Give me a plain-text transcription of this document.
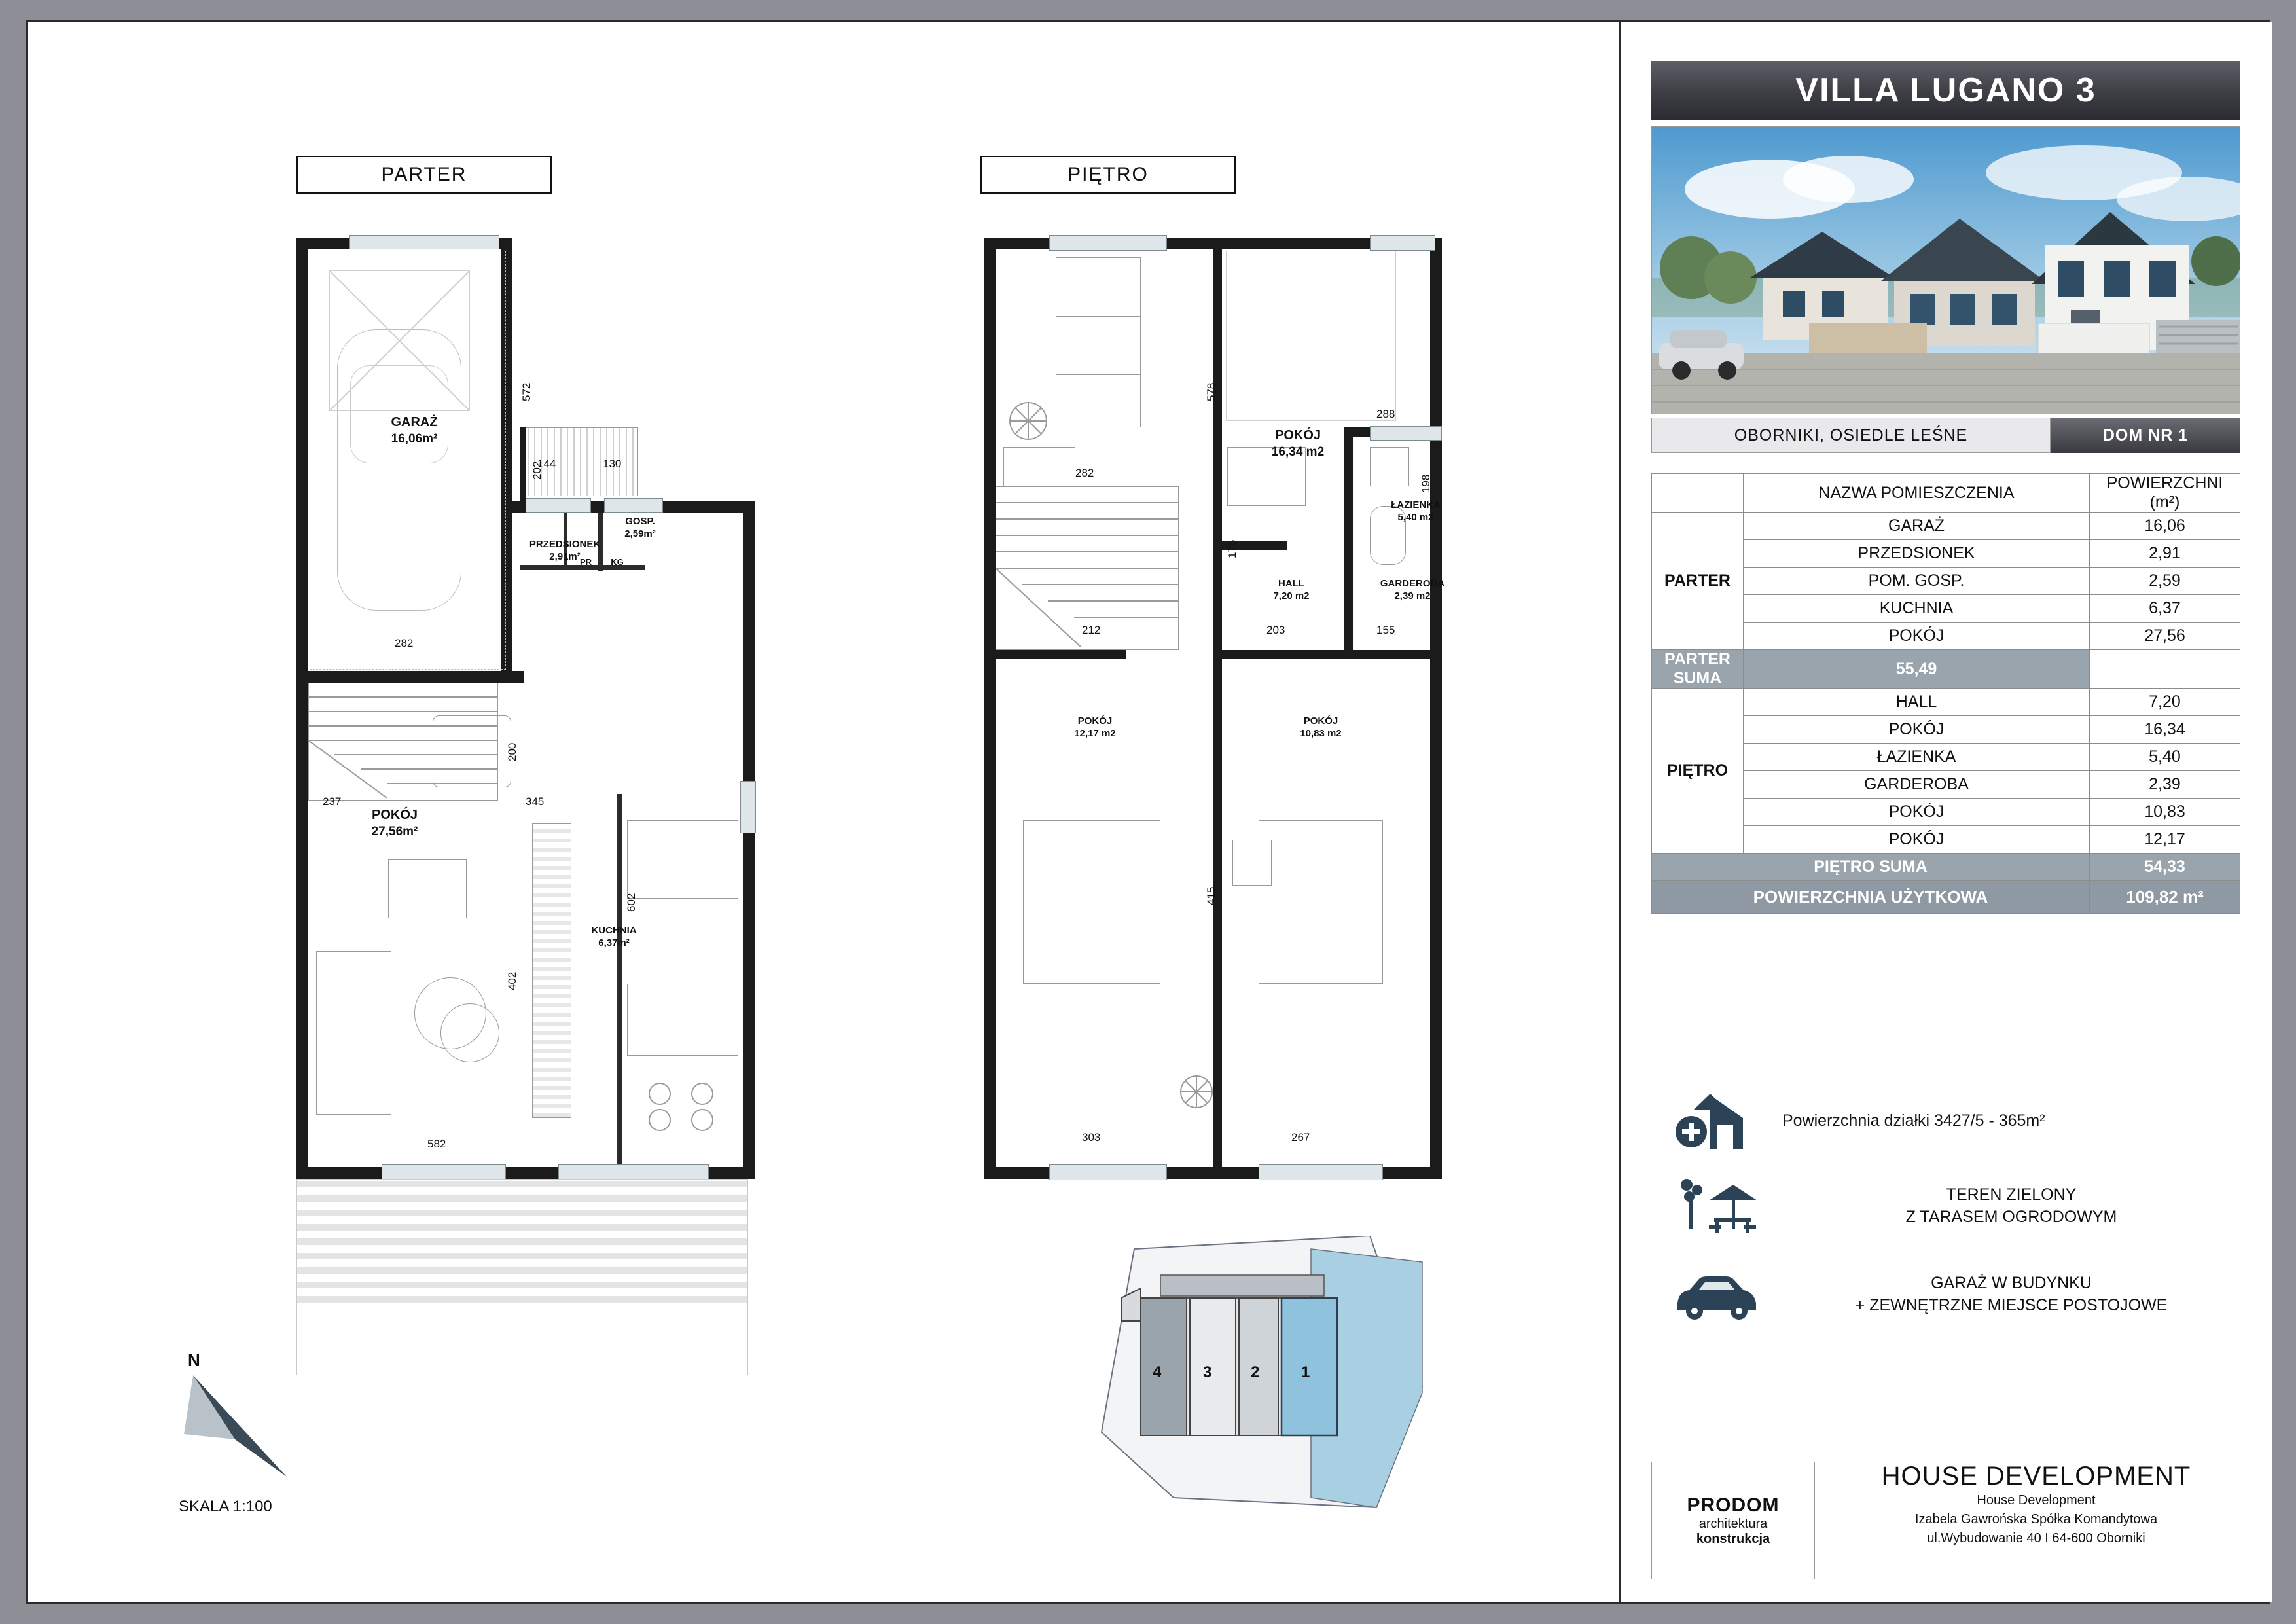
PARTER	PIĘTRO
GARAŻ
16,06m²
GOSP.
2,59m²
PRZEDSIONEK
2,91m² PR	KG
POKÓJ
27,56m²
KUCHNIA
6,37m²
572
282
144	130
202
237
200
345
402
602
582
POKÓJ
16,34 m2
ŁAZIENKA
5,40 m2
HALL
7,20 m2
GARDEROBA
2,39 m2
POKÓJ
12,17 m2
POKÓJ
10,83 m2
578
282
288
198
175
212	203	155
415
303	267
N
SKALA 1:100
4	3 2	1
VILLA LUGANO 3
OBORNIKI, OSIEDLE LEŚNE	DOM NR 1
	NAZWA POMIESZCZENIA	POWIERZCHNI (m²)
PARTER	GARAŻ	16,06
	PRZEDSIONEK	2,91
	POM. GOSP.	2,59
	KUCHNIA	6,37
	POKÓJ	27,56
PARTER SUMA	55,49	
PIĘTRO	HALL	7,20
	POKÓJ	16,34
	ŁAZIENKA	5,40
	GARDEROBA	2,39
	POKÓJ	10,83
	POKÓJ	12,17
PIĘTRO SUMA		54,33
POWIERZCHNIA UŻYTKOWA		109,82 m²
Powierzchnia działki 3427/5 - 365m²
TEREN ZIELONY
Z TARASEM OGRODOWYM
GARAŻ W BUDYNKU
+ ZEWNĘTRZNE MIEJSCE POSTOJOWE
PRODOM
architektura
konstrukcja
HOUSE DEVELOPMENT
House Development
Izabela Gawrońska Spółka Komandytowa
ul.Wybudowanie 40 I 64-600 Oborniki
